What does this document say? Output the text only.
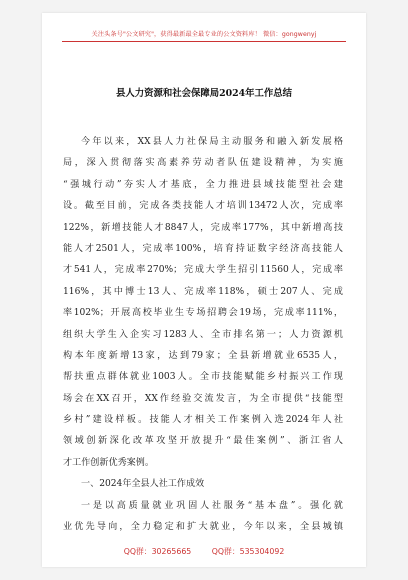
关注头条号"公文研究"，获得最新最全最专业的公文资料库！ 微信：gongwenyj
县人力资源和社会保障局2024年工作总结
今年以来，XX县人力社保局主动服务和融入新发展格
局，深入贯彻落实高素养劳动者队伍建设精神，为实施
“强城行动”夯实人才基底，全力推进县域技能型社会建
设。截至目前，完成各类技能人才培训13472人次，完成率
122%，新增技能人才8847人，完成率177%，其中新增高技
能人才2501人，完成率100%，培育持证数字经济高技能人
才541人，完成率270%；完成大学生招引11560人，完成率
116%，其中博士13人、完成率118%，硕士207人、完成
率102%；开展高校毕业生专场招聘会19场，完成率111%，
组织大学生入企实习1283人、全市排名第一；人力资源机
构本年度新增13家，达到79家；全县新增就业6535人，
帮扶重点群体就业1003人。全市技能赋能乡村振兴工作现
场会在XX召开，XX作经验交流发言，为全市提供“技能型
乡村”建设样板。技能人才相关工作案例入选2024年人社
领域创新深化改革攻坚开放提升“最佳案例”、浙江省人
才工作创新优秀案例。
一、2024年全县人社工作成效
一是以高质量就业巩固人社服务“基本盘”。强化就
业优先导向，全力稳定和扩大就业，今年以来，全县城镇
QQ群：30265665	QQ群：535304092
